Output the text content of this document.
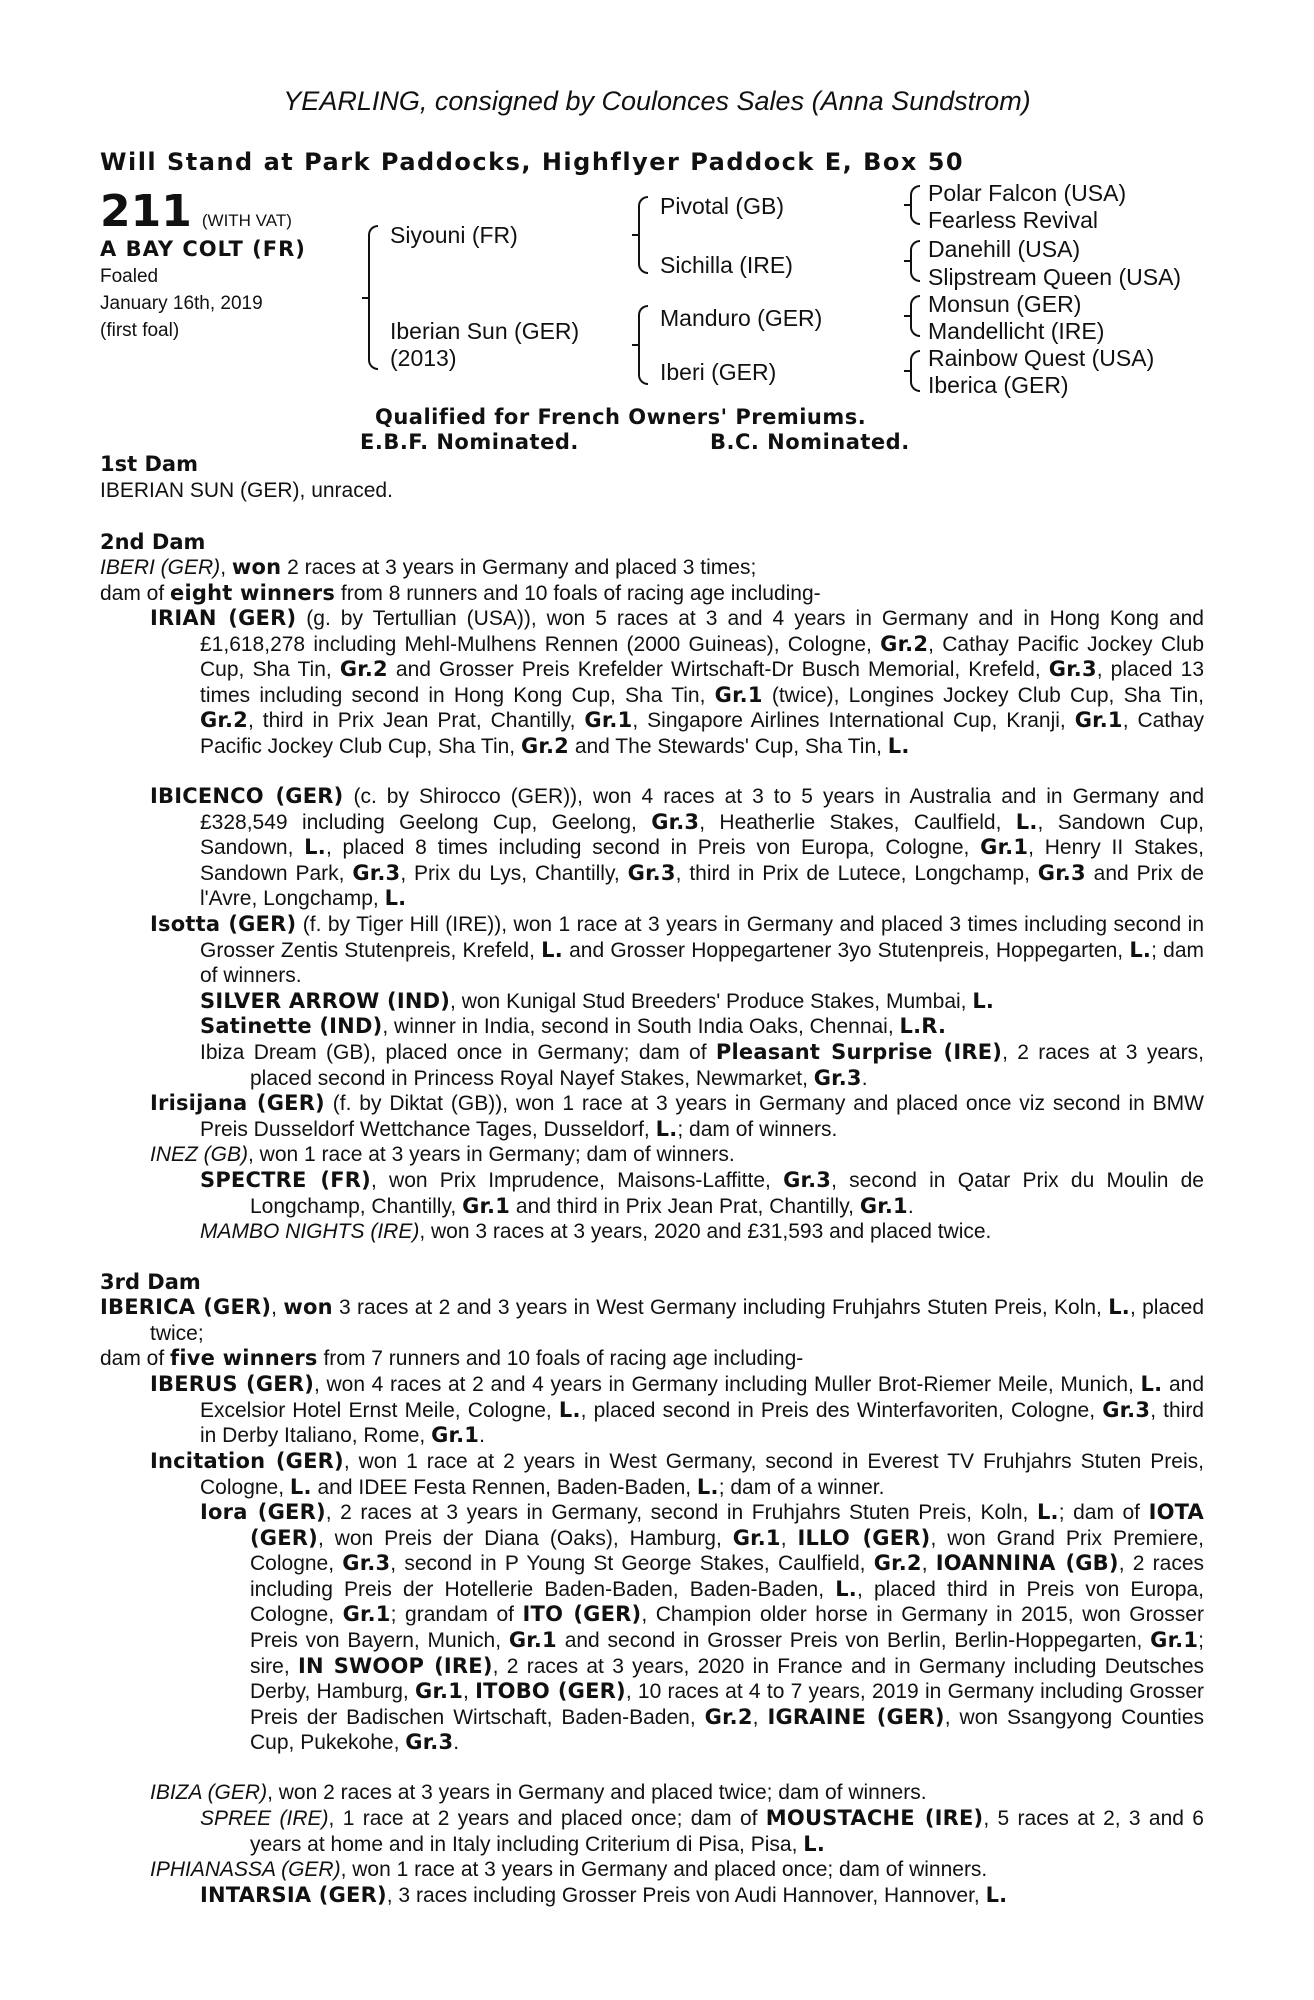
YEARLING, consigned by Coulonces Sales (Anna Sundstrom)
Will Stand at Park Paddocks, Highflyer Paddock E, Box 50
211 (WITH VAT)
A BAY COLT (FR)
Foaled
January 16th, 2019
(first foal)
Siyouni (FR)
Iberian Sun (GER)
(2013)
Pivotal (GB)
Sichilla (IRE)
Manduro (GER)
Iberi (GER)
Polar Falcon (USA)
Fearless Revival
Danehill (USA)
Slipstream Queen (USA)
Monsun (GER)
Mandellicht (IRE)
Rainbow Quest (USA)
Iberica (GER)
Qualified for French Owners' Premiums.
E.B.F. Nominated.	B.C. Nominated.
1st Dam
IBERIAN SUN (GER), unraced.
2nd Dam
IBERI (GER), won 2 races at 3 years in Germany and placed 3 times;
dam of eight winners from 8 runners and 10 foals of racing age including-
IRIAN (GER) (g. by Tertullian (USA)), won 5 races at 3 and 4 years in Germany and in Hong Kong and £1,618,278 including Mehl-Mulhens Rennen (2000 Guineas), Cologne, Gr.2, Cathay Pacific Jockey Club Cup, Sha Tin, Gr.2 and Grosser Preis Krefelder Wirtschaft-Dr Busch Memorial, Krefeld, Gr.3, placed 13 times including second in Hong Kong Cup, Sha Tin, Gr.1 (twice), Longines Jockey Club Cup, Sha Tin, Gr.2, third in Prix Jean Prat, Chantilly, Gr.1, Singapore Airlines International Cup, Kranji, Gr.1, Cathay Pacific Jockey Club Cup, Sha Tin, Gr.2 and The Stewards' Cup, Sha Tin, L.
IBICENCO (GER) (c. by Shirocco (GER)), won 4 races at 3 to 5 years in Australia and in Germany and £328,549 including Geelong Cup, Geelong, Gr.3, Heatherlie Stakes, Caulfield, L., Sandown Cup, Sandown, L., placed 8 times including second in Preis von Europa, Cologne, Gr.1, Henry II Stakes, Sandown Park, Gr.3, Prix du Lys, Chantilly, Gr.3, third in Prix de Lutece, Longchamp, Gr.3 and Prix de l'Avre, Longchamp, L.
Isotta (GER) (f. by Tiger Hill (IRE)), won 1 race at 3 years in Germany and placed 3 times including second in Grosser Zentis Stutenpreis, Krefeld, L. and Grosser Hoppegartener 3yo Stutenpreis, Hoppegarten, L.; dam of winners.
SILVER ARROW (IND), won Kunigal Stud Breeders' Produce Stakes, Mumbai, L.
Satinette (IND), winner in India, second in South India Oaks, Chennai, L.R.
Ibiza Dream (GB), placed once in Germany; dam of Pleasant Surprise (IRE), 2 races at 3 years, placed second in Princess Royal Nayef Stakes, Newmarket, Gr.3.
Irisijana (GER) (f. by Diktat (GB)), won 1 race at 3 years in Germany and placed once viz second in BMW Preis Dusseldorf Wettchance Tages, Dusseldorf, L.; dam of winners.
INEZ (GB), won 1 race at 3 years in Germany; dam of winners.
SPECTRE (FR), won Prix Imprudence, Maisons-Laffitte, Gr.3, second in Qatar Prix du Moulin de Longchamp, Chantilly, Gr.1 and third in Prix Jean Prat, Chantilly, Gr.1.
MAMBO NIGHTS (IRE), won 3 races at 3 years, 2020 and £31,593 and placed twice.
3rd Dam
IBERICA (GER), won 3 races at 2 and 3 years in West Germany including Fruhjahrs Stuten Preis, Koln, L., placed twice;
dam of five winners from 7 runners and 10 foals of racing age including-
IBERUS (GER), won 4 races at 2 and 4 years in Germany including Muller Brot-Riemer Meile, Munich, L. and Excelsior Hotel Ernst Meile, Cologne, L., placed second in Preis des Winterfavoriten, Cologne, Gr.3, third in Derby Italiano, Rome, Gr.1.
Incitation (GER), won 1 race at 2 years in West Germany, second in Everest TV Fruhjahrs Stuten Preis, Cologne, L. and IDEE Festa Rennen, Baden-Baden, L.; dam of a winner.
Iora (GER), 2 races at 3 years in Germany, second in Fruhjahrs Stuten Preis, Koln, L.; dam of IOTA (GER), won Preis der Diana (Oaks), Hamburg, Gr.1, ILLO (GER), won Grand Prix Premiere, Cologne, Gr.3, second in P Young St George Stakes, Caulfield, Gr.2, IOANNINA (GB), 2 races including Preis der Hotellerie Baden-Baden, Baden-Baden, L., placed third in Preis von Europa, Cologne, Gr.1; grandam of ITO (GER), Champion older horse in Germany in 2015, won Grosser Preis von Bayern, Munich, Gr.1 and second in Grosser Preis von Berlin, Berlin-Hoppegarten, Gr.1; sire, IN SWOOP (IRE), 2 races at 3 years, 2020 in France and in Germany including Deutsches Derby, Hamburg, Gr.1, ITOBO (GER), 10 races at 4 to 7 years, 2019 in Germany including Grosser Preis der Badischen Wirtschaft, Baden-Baden, Gr.2, IGRAINE (GER), won Ssangyong Counties Cup, Pukekohe, Gr.3.
IBIZA (GER), won 2 races at 3 years in Germany and placed twice; dam of winners.
SPREE (IRE), 1 race at 2 years and placed once; dam of MOUSTACHE (IRE), 5 races at 2, 3 and 6 years at home and in Italy including Criterium di Pisa, Pisa, L.
IPHIANASSA (GER), won 1 race at 3 years in Germany and placed once; dam of winners.
INTARSIA (GER), 3 races including Grosser Preis von Audi Hannover, Hannover, L.
